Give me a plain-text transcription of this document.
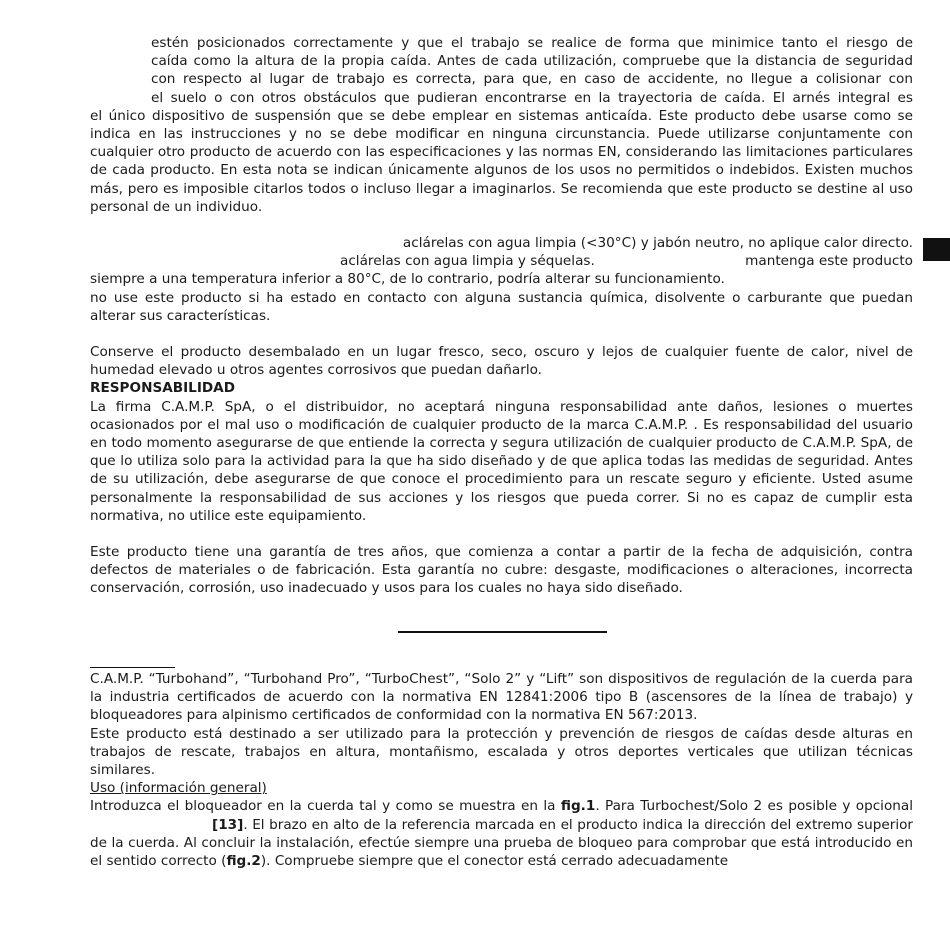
estén posicionados correctamente y que el trabajo se realice de forma que minimice tanto el riesgo de

caída como la altura de la propia caída. Antes de cada utilización, compruebe que la distancia de seguridad

con respecto al lugar de trabajo es correcta, para que, en caso de accidente, no llegue a colisionar con

el suelo o con otros obstáculos que pudieran encontrarse en la trayectoria de caída. El arnés integral es

el único dispositivo de suspensión que se debe emplear en sistemas anticaída. Este producto debe usarse como se indica en las instrucciones y no se debe modificar en ninguna circunstancia. Puede utilizarse conjuntamente con cualquier otro producto de acuerdo con las especificaciones y las normas EN, considerando las limitaciones particulares de cada producto. En esta nota se indican únicamente algunos de los usos no permitidos o indebidos. Existen muchos más, pero es imposible citarlos todos o incluso llegar a imaginarlos. Se recomienda que este producto se destine al uso personal de un individuo.

aclárelas con agua limpia (<30°C) y jabón neutro, no aplique calor directo.

aclárelas con agua limpia y séquelas.	mantenga este producto

siempre a una temperatura inferior a 80°C, de lo contrario, podría alterar su funcionamiento.

no use este producto si ha estado en contacto con alguna sustancia química, disolvente o carburante que puedan alterar sus características.

Conserve el producto desembalado en un lugar fresco, seco, oscuro y lejos de cualquier fuente de calor, nivel de humedad elevado u otros agentes corrosivos que puedan dañarlo.

RESPONSABILIDAD

La firma C.A.M.P. SpA, o el distribuidor, no aceptará ninguna responsabilidad ante daños, lesiones o muertes ocasionados por el mal uso o modificación de cualquier producto de la marca C.A.M.P. . Es responsabilidad del usuario en todo momento asegurarse de que entiende la correcta y segura utilización de cualquier producto de C.A.M.P. SpA, de que lo utiliza solo para la actividad para la que ha sido diseñado y de que aplica todas las medidas de seguridad. Antes de su utilización, debe asegurarse de que conoce el procedimiento para un rescate seguro y eficiente. Usted asume personalmente la responsabilidad de sus acciones y los riesgos que pueda correr. Si no es capaz de cumplir esta normativa, no utilice este equipamiento.

Este producto tiene una garantía de tres años, que comienza a contar a partir de la fecha de adquisición, contra defectos de materiales o de fabricación. Esta garantía no cubre: desgaste, modificaciones o alteraciones, incorrecta conservación, corrosión, uso inadecuado y usos para los cuales no haya sido diseñado.

C.A.M.P. “Turbohand”, “Turbohand Pro”, “TurboChest”, “Solo 2” y “Lift” son dispositivos de regulación de la cuerda para la industria certificados de acuerdo con la normativa EN 12841:2006 tipo B (ascensores de la línea de trabajo) y bloqueadores para alpinismo certificados de conformidad con la normativa EN 567:2013.

Este producto está destinado a ser utilizado para la protección y prevención de riesgos de caídas desde alturas en trabajos de rescate, trabajos en altura, montañismo, escalada y otros deportes verticales que utilizan técnicas similares.

Uso (información general)

Introduzca el bloqueador en la cuerda tal y como se muestra en la fig.1. Para Turbochest/Solo 2 es posible y opcional

[13]. El brazo en alto de la referencia marcada en el producto indica la dirección del extremo superior de la cuerda. Al concluir la instalación, efectúe siempre una prueba de bloqueo para comprobar que está introducido en el sentido correcto (fig.2). Compruebe siempre que el conector está cerrado adecuadamente
